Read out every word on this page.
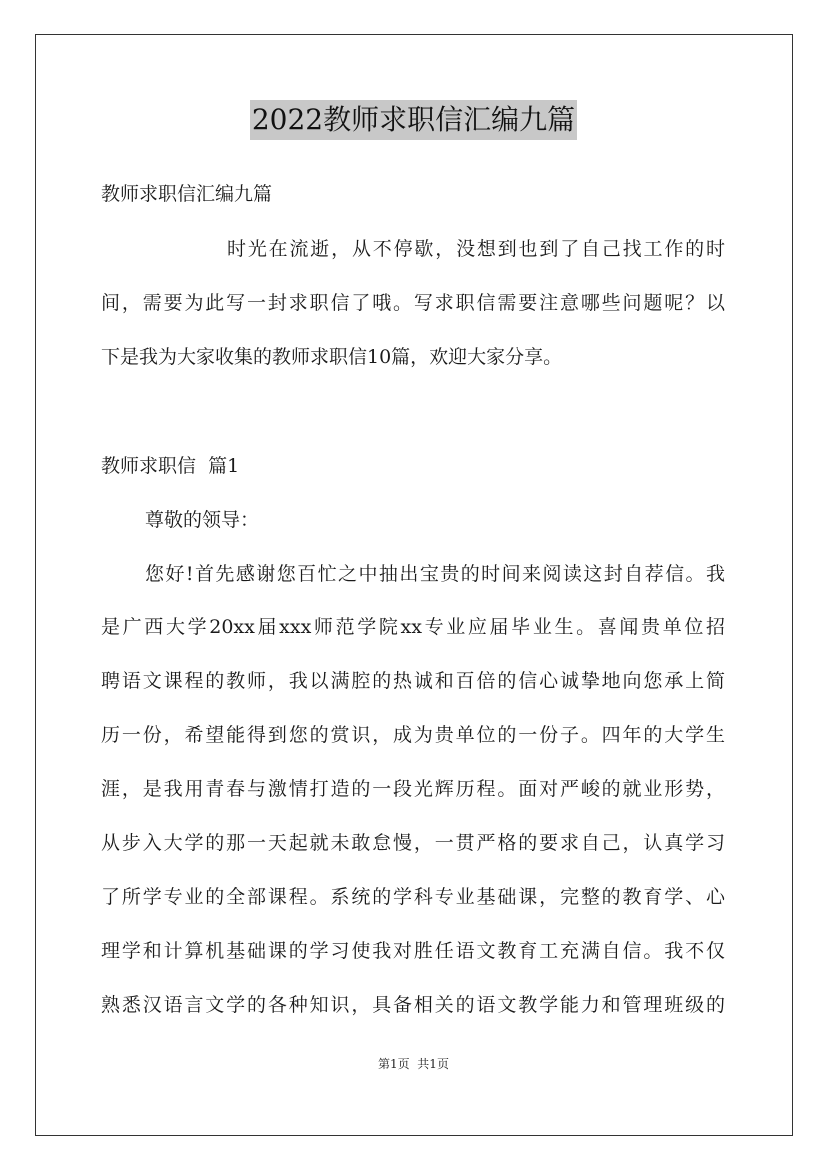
2022教师求职信汇编九篇
教师求职信汇编九篇
时光在流逝，从不停歇，没想到也到了自己找工作的时
间，需要为此写一封求职信了哦。写求职信需要注意哪些问题呢？以
下是我为大家收集的教师求职信10篇，欢迎大家分享。
教师求职信  篇1
尊敬的领导：
您好!首先感谢您百忙之中抽出宝贵的时间来阅读这封自荐信。我
是广西大学20xx届xxx师范学院xx专业应届毕业生。喜闻贵单位招
聘语文课程的教师，我以满腔的热诚和百倍的信心诚挚地向您承上简
历一份，希望能得到您的赏识，成为贵单位的一份子。四年的大学生
涯，是我用青春与激情打造的一段光辉历程。面对严峻的就业形势，
从步入大学的那一天起就未敢怠慢，一贯严格的要求自己，认真学习
了所学专业的全部课程。系统的学科专业基础课，完整的教育学、心
理学和计算机基础课的学习使我对胜任语文教育工充满自信。我不仅
熟悉汉语言文学的各种知识，具备相关的语文教学能力和管理班级的
第1页  共1页
